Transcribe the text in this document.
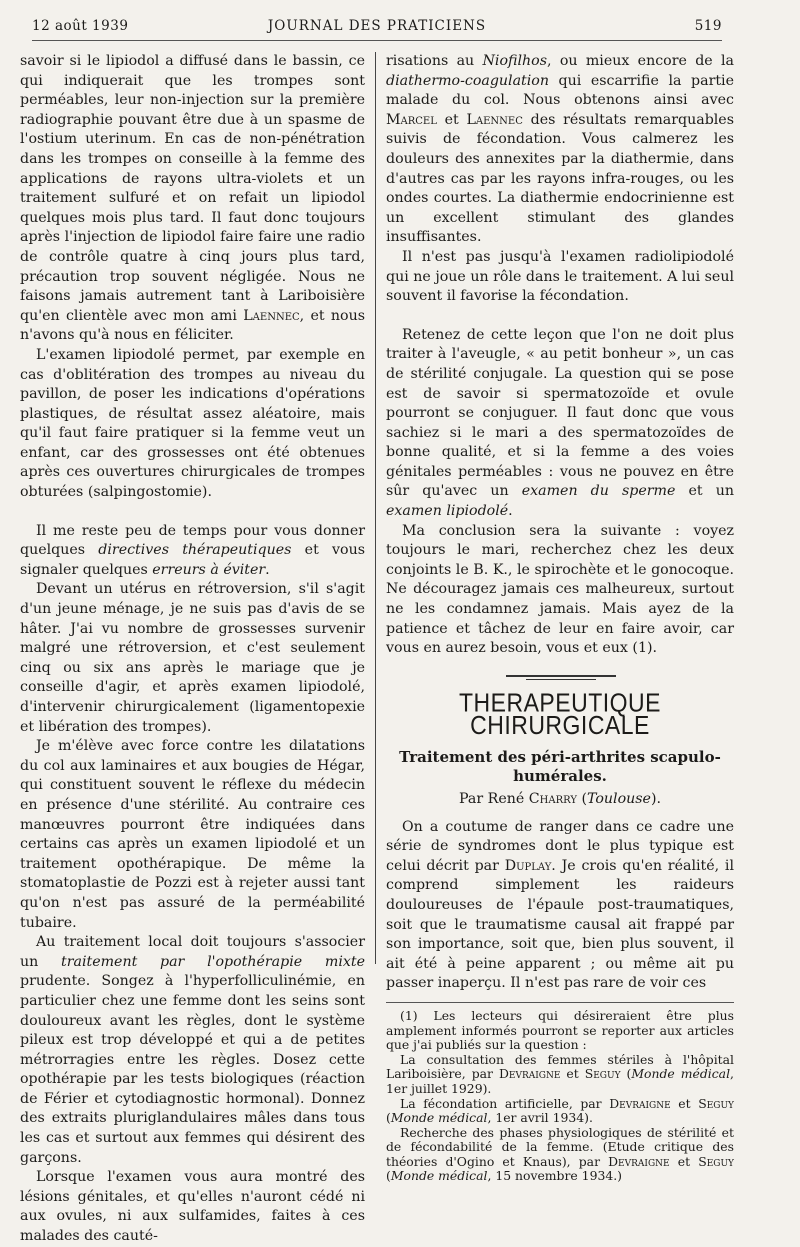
12 août 1939	JOURNAL DES PRATICIENS	519

savoir si le lipiodol a diffusé dans le bassin, ce qui indiquerait que les trompes sont perméables, leur non-injection sur la première radiographie pouvant être due à un spasme de l'ostium uterinum. En cas de non-pénétration dans les trompes on conseille à la femme des applications de rayons ultra-violets et un traitement sulfuré et on refait un lipiodol quelques mois plus tard. Il faut donc toujours après l'injection de lipiodol faire faire une radio de contrôle quatre à cinq jours plus tard, précaution trop souvent négligée. Nous ne faisons jamais autrement tant à Lariboisière qu'en clientèle avec mon ami Laennec, et nous n'avons qu'à nous en féliciter.

L'examen lipiodolé permet, par exemple en cas d'oblitération des trompes au niveau du pavillon, de poser les indications d'opérations plastiques, de résultat assez aléatoire, mais qu'il faut faire pratiquer si la femme veut un enfant, car des grossesses ont été obtenues après ces ouvertures chirurgicales de trompes obturées (salpingostomie).

Il me reste peu de temps pour vous donner quelques directives thérapeutiques et vous signaler quelques erreurs à éviter.

Devant un utérus en rétroversion, s'il s'agit d'un jeune ménage, je ne suis pas d'avis de se hâter. J'ai vu nombre de grossesses survenir malgré une rétroversion, et c'est seulement cinq ou six ans après le mariage que je conseille d'agir, et après examen lipiodolé, d'intervenir chirurgicalement (ligamentopexie et libération des trompes).

Je m'élève avec force contre les dilatations du col aux laminaires et aux bougies de Hégar, qui constituent souvent le réflexe du médecin en présence d'une stérilité. Au contraire ces manœuvres pourront être indiquées dans certains cas après un examen lipiodolé et un traitement opothérapique. De même la stomatoplastie de Pozzi est à rejeter aussi tant qu'on n'est pas assuré de la perméabilité tubaire.

Au traitement local doit toujours s'associer un traitement par l'opothérapie mixte prudente. Songez à l'hyperfolliculinémie, en particulier chez une femme dont les seins sont douloureux avant les règles, dont le système pileux est trop développé et qui a de petites métrorragies entre les règles. Dosez cette opothérapie par les tests biologiques (réaction de Férier et cytodiagnostic hormonal). Donnez des extraits pluriglandulaires mâles dans tous les cas et surtout aux femmes qui désirent des garçons.

Lorsque l'examen vous aura montré des lésions génitales, et qu'elles n'auront cédé ni aux ovules, ni aux sulfamides, faites à ces malades des cauté-

risations au Niofilhos, ou mieux encore de la diathermo-coagulation qui escarrifie la partie malade du col. Nous obtenons ainsi avec Marcel et Laennec des résultats remarquables suivis de fécondation. Vous calmerez les douleurs des annexites par la diathermie, dans d'autres cas par les rayons infra-rouges, ou les ondes courtes. La diathermie endocrinienne est un excellent stimulant des glandes insuffisantes.

Il n'est pas jusqu'à l'examen radiolipiodolé qui ne joue un rôle dans le traitement. A lui seul souvent il favorise la fécondation.

Retenez de cette leçon que l'on ne doit plus traiter à l'aveugle, « au petit bonheur », un cas de stérilité conjugale. La question qui se pose est de savoir si spermatozoïde et ovule pourront se conjuguer. Il faut donc que vous sachiez si le mari a des spermatozoïdes de bonne qualité, et si la femme a des voies génitales perméables : vous ne pouvez en être sûr qu'avec un examen du sperme et un examen lipiodolé.

Ma conclusion sera la suivante : voyez toujours le mari, recherchez chez les deux conjoints le B. K., le spirochète et le gonocoque. Ne découragez jamais ces malheureux, surtout ne les condamnez jamais. Mais ayez de la patience et tâchez de leur en faire avoir, car vous en aurez besoin, vous et eux (1).

THERAPEUTIQUE CHIRURGICALE
Traitement des péri-arthrites scapulo-humérales.
Par René Charry (Toulouse).

On a coutume de ranger dans ce cadre une série de syndromes dont le plus typique est celui décrit par Duplay. Je crois qu'en réalité, il comprend simplement les raideurs douloureuses de l'épaule post-traumatiques, soit que le traumatisme causal ait frappé par son importance, soit que, bien plus souvent, il ait été à peine apparent ; ou même ait pu passer inaperçu. Il n'est pas rare de voir ces

(1) Les lecteurs qui désireraient être plus amplement informés pourront se reporter aux articles que j'ai publiés sur la question :

La consultation des femmes stériles à l'hôpital Lariboisière, par Devraigne et Seguy (Monde médical, 1er juillet 1929).

La fécondation artificielle, par Devraigne et Seguy (Monde médical, 1er avril 1934).

Recherche des phases physiologiques de stérilité et de fécondabilité de la femme. (Etude critique des théories d'Ogino et Knaus), par Devraigne et Seguy (Monde médical, 15 novembre 1934.)
